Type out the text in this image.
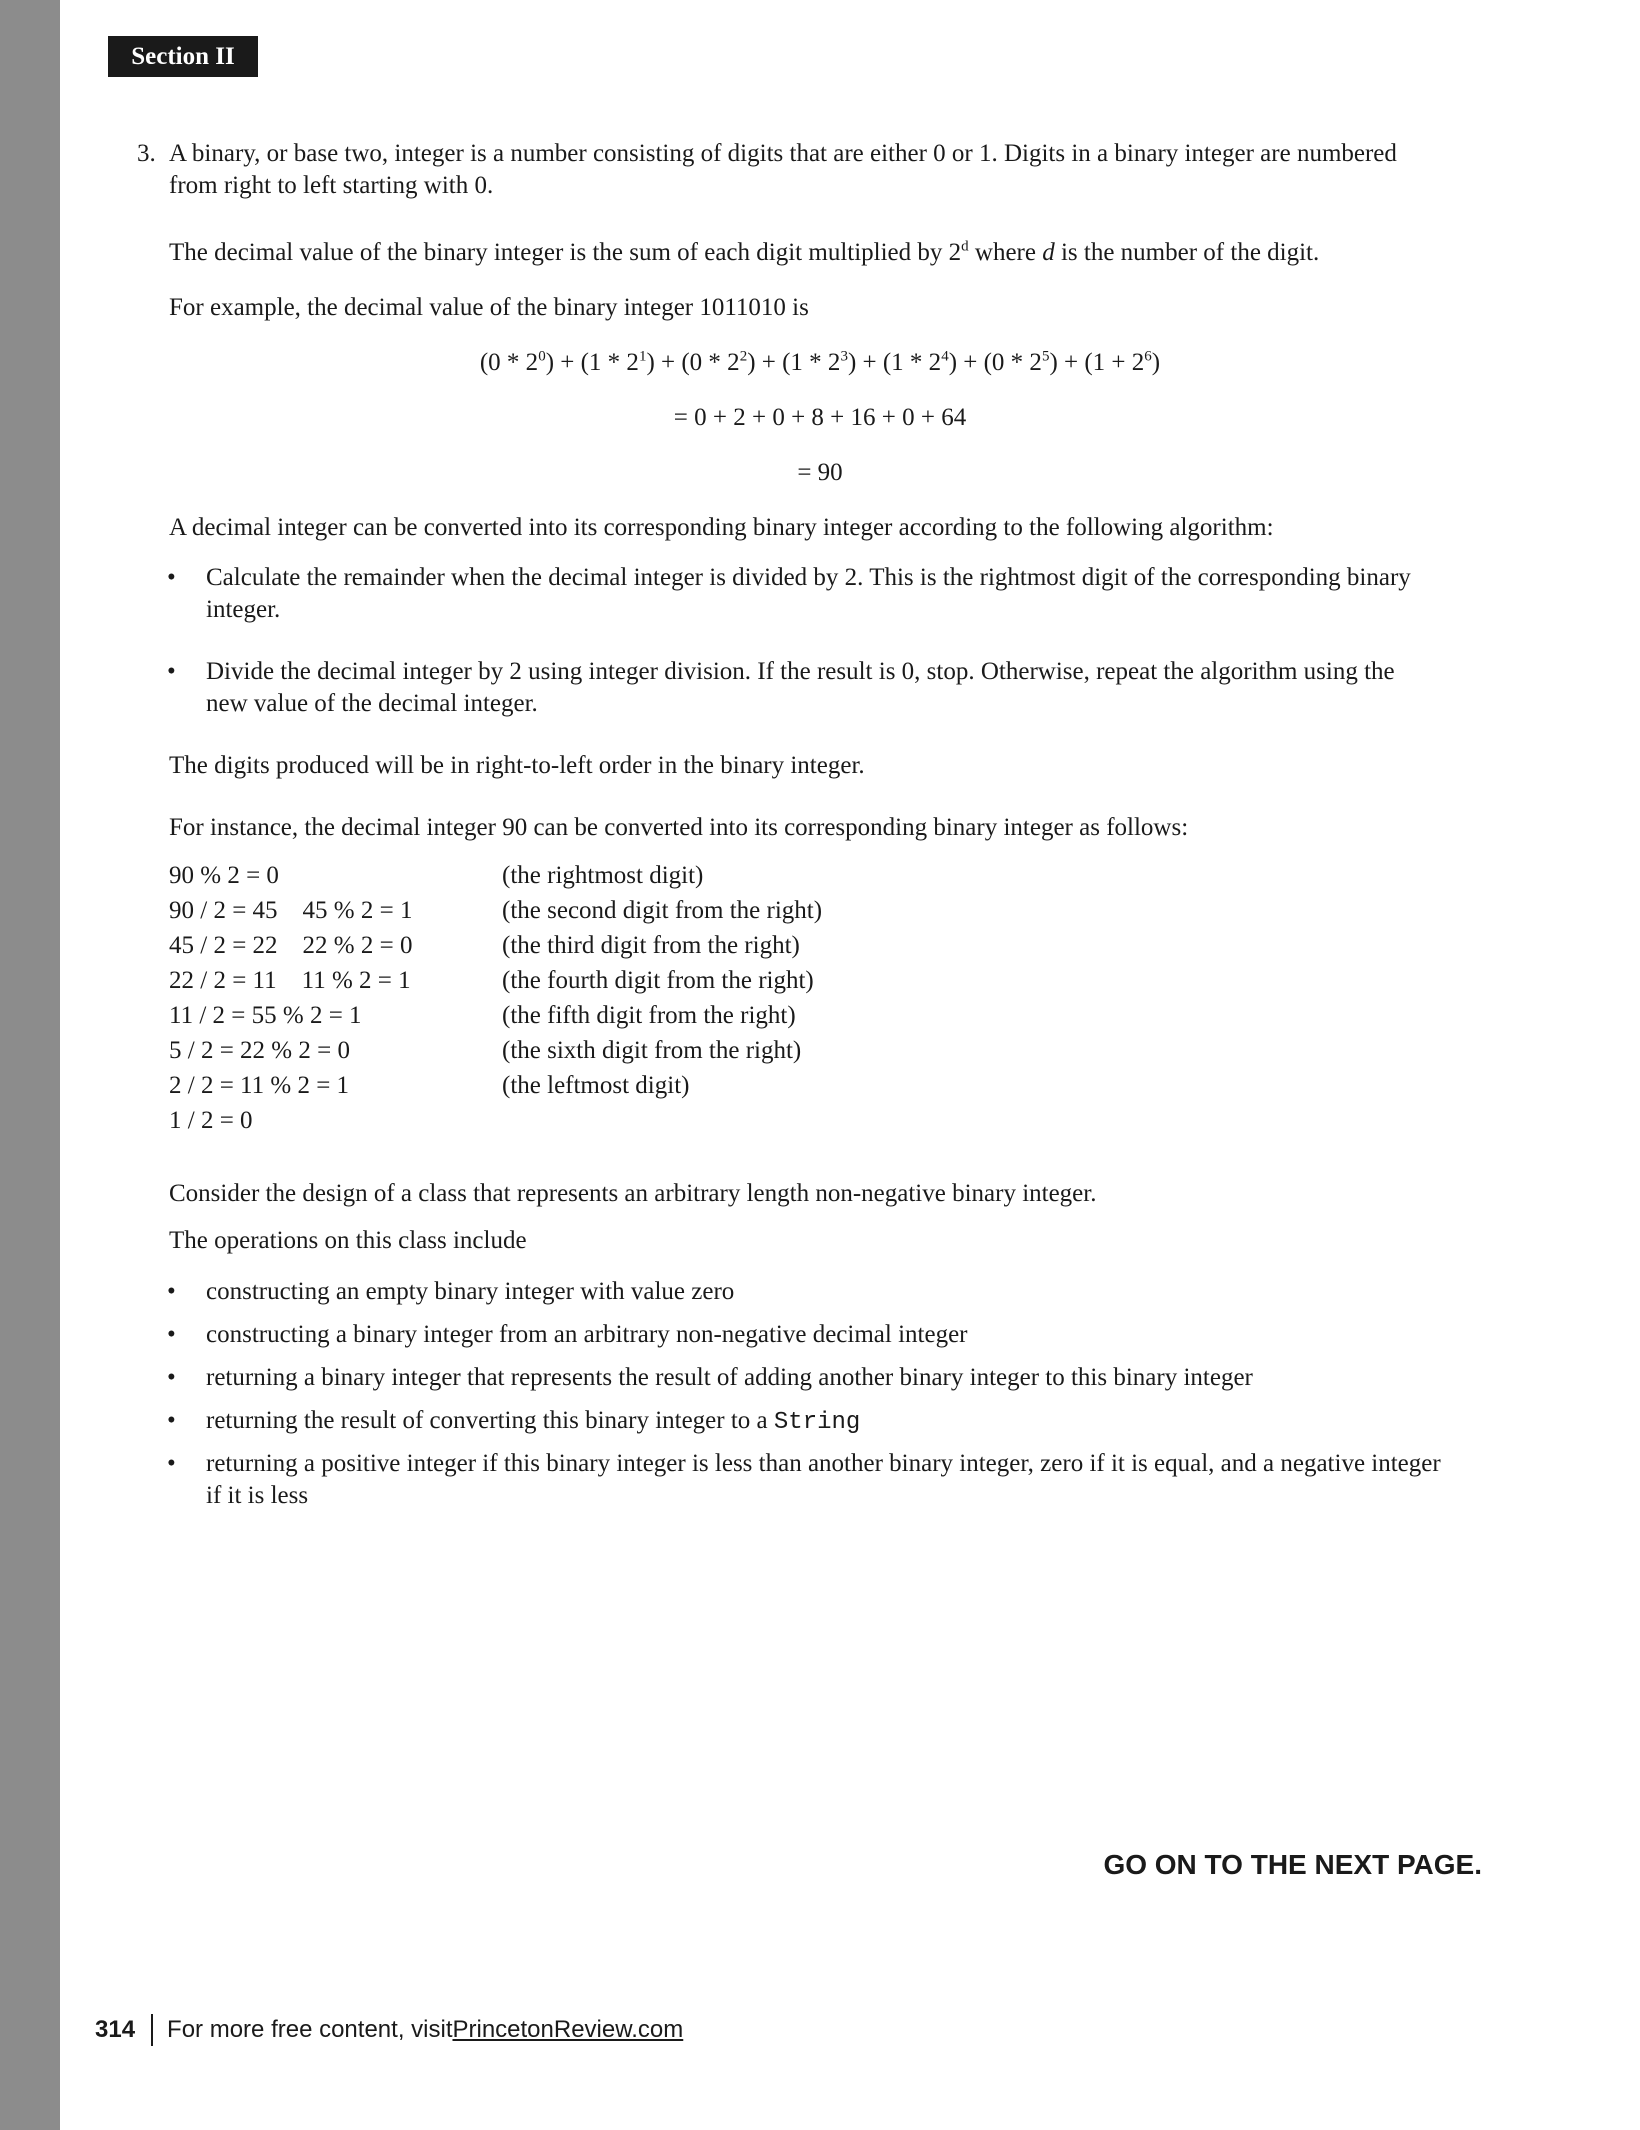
Section II
3. A binary, or base two, integer is a number consisting of digits that are either 0 or 1. Digits in a binary integer are numbered
from right to left starting with 0.
The decimal value of the binary integer is the sum of each digit multiplied by 2$^d$ where d is the number of the digit.
For example, the decimal value of the binary integer 1011010 is
$(0 * 2^0) + (1 * 2^1) + (0 * 2^2) + (1 * 2^3) + (1 * 2^4) + (0 * 2^5) + (1 + 2^6)$
= 0 + 2 + 0 + 8 + 16 + 0 + 64
= 90
A decimal integer can be converted into its corresponding binary integer according to the following algorithm:
• Calculate the remainder when the decimal integer is divided by 2. This is the rightmost digit of the corresponding binary
integer.
• Divide the decimal integer by 2 using integer division. If the result is 0, stop. Otherwise, repeat the algorithm using the
new value of the decimal integer.
The digits produced will be in right-to-left order in the binary integer.
For instance, the decimal integer 90 can be converted into its corresponding binary integer as follows:
90 % 2 = 0	(the rightmost digit)
90 / 2 = 45    45 % 2 = 1	(the second digit from the right)
45 / 2 = 22    22 % 2 = 0	(the third digit from the right)
22 / 2 = 11    11 % 2 = 1	(the fourth digit from the right)
11 / 2 = 55 % 2 = 1	(the fifth digit from the right)
5 / 2 = 22 % 2 = 0	(the sixth digit from the right)
2 / 2 = 11 % 2 = 1	(the leftmost digit)
1 / 2 = 0
Consider the design of a class that represents an arbitrary length non-negative binary integer.
The operations on this class include
• constructing an empty binary integer with value zero
• constructing a binary integer from an arbitrary non-negative decimal integer
• returning a binary integer that represents the result of adding another binary integer to this binary integer
• returning the result of converting this binary integer to a String
• returning a positive integer if this binary integer is less than another binary integer, zero if it is equal, and a negative integer
if it is less
GO ON TO THE NEXT PAGE.
314 For more free content, visit PrincetonReview.com
